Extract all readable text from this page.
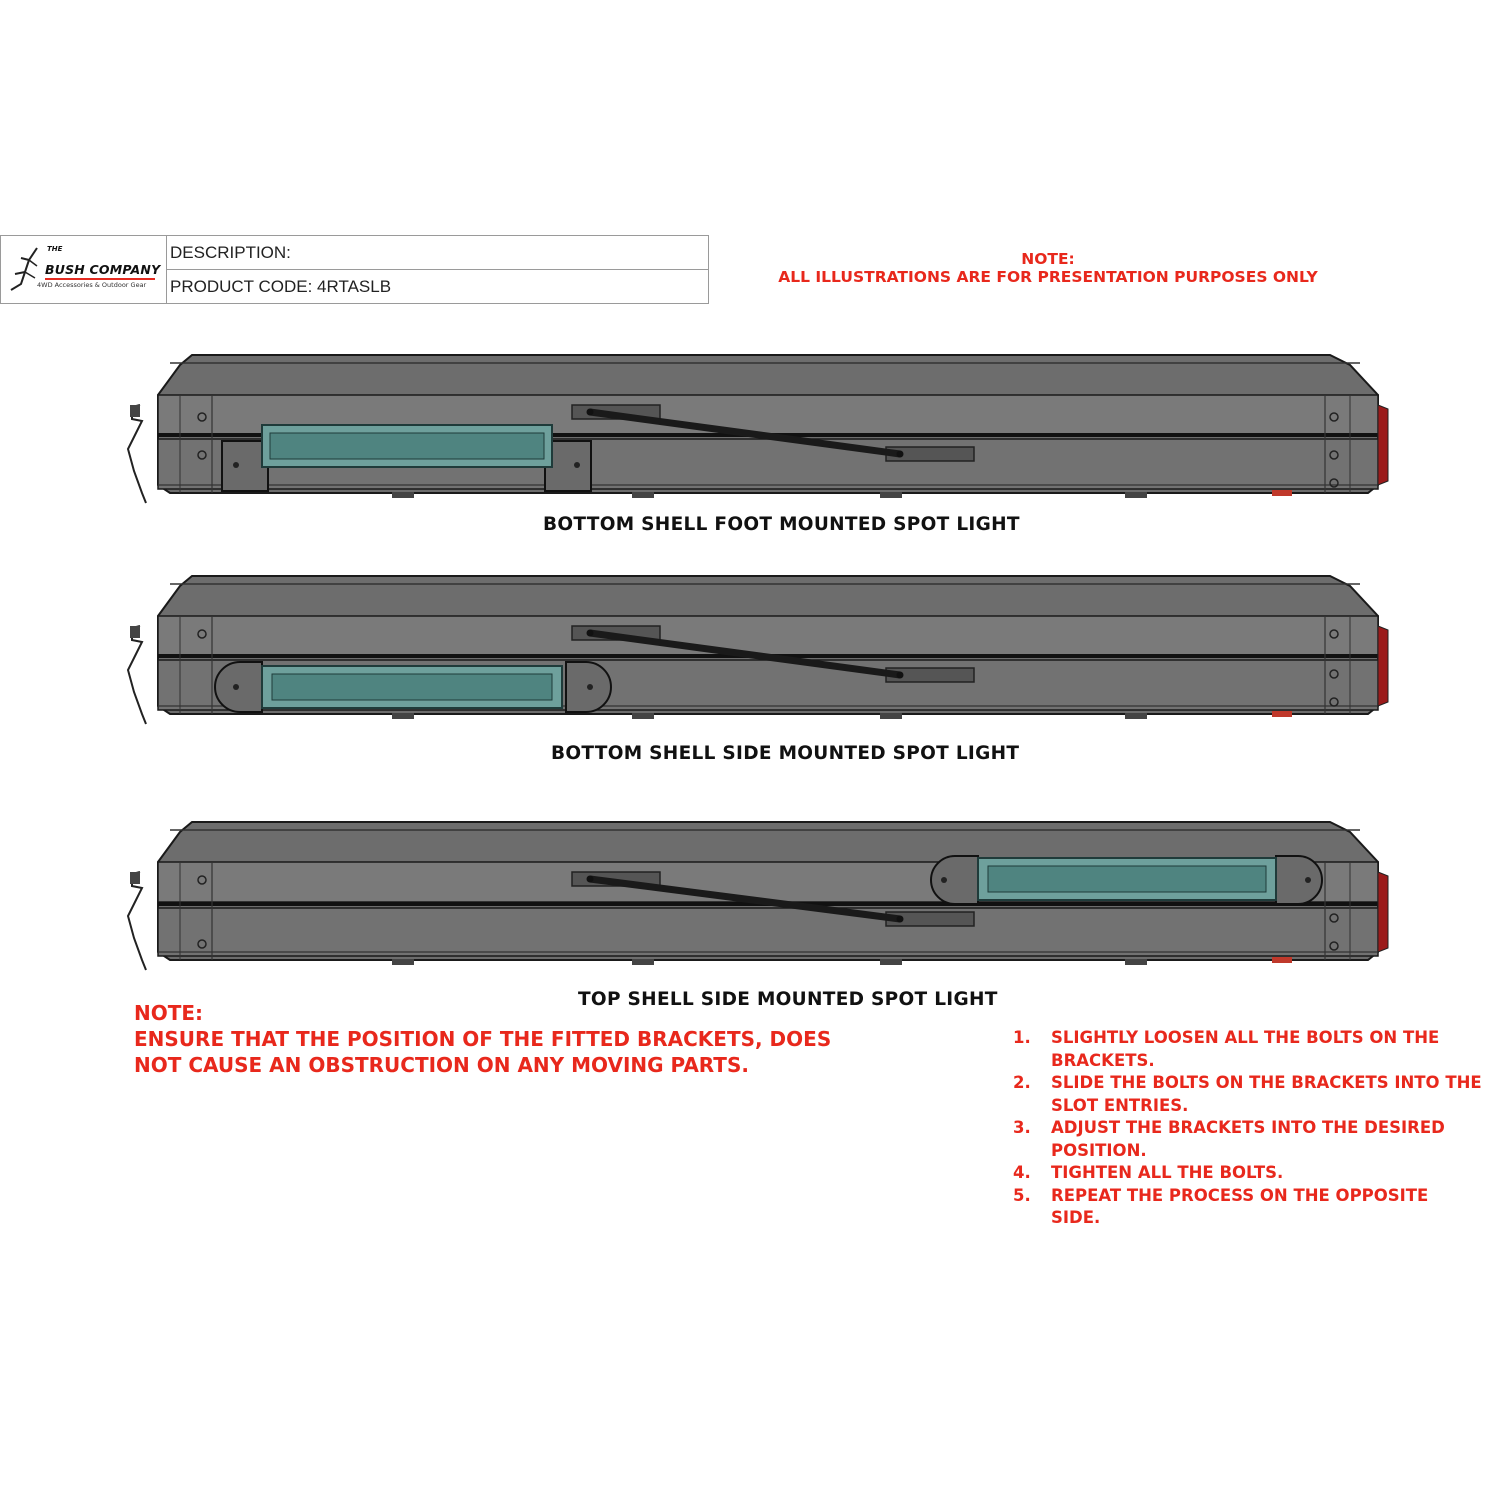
THE
BUSH COMPANY
4WD Accessories & Outdoor Gear
DESCRIPTION:
PRODUCT CODE: 4RTASLB
NOTE:
ALL ILLUSTRATIONS ARE FOR PRESENTATION PURPOSES ONLY
BOTTOM SHELL FOOT MOUNTED SPOT LIGHT
BOTTOM SHELL SIDE MOUNTED SPOT LIGHT
TOP SHELL SIDE MOUNTED SPOT LIGHT
NOTE:
ENSURE THAT THE POSITION OF THE FITTED BRACKETS, DOES
NOT CAUSE AN OBSTRUCTION ON ANY MOVING PARTS.
1. SLIGHTLY LOOSEN ALL THE BOLTS ON THE
BRACKETS.
2. SLIDE THE BOLTS ON THE BRACKETS INTO THE
SLOT ENTRIES.
3. ADJUST THE BRACKETS INTO THE DESIRED
POSITION.
4. TIGHTEN ALL THE BOLTS.
5. REPEAT THE PROCESS ON THE OPPOSITE SIDE.
